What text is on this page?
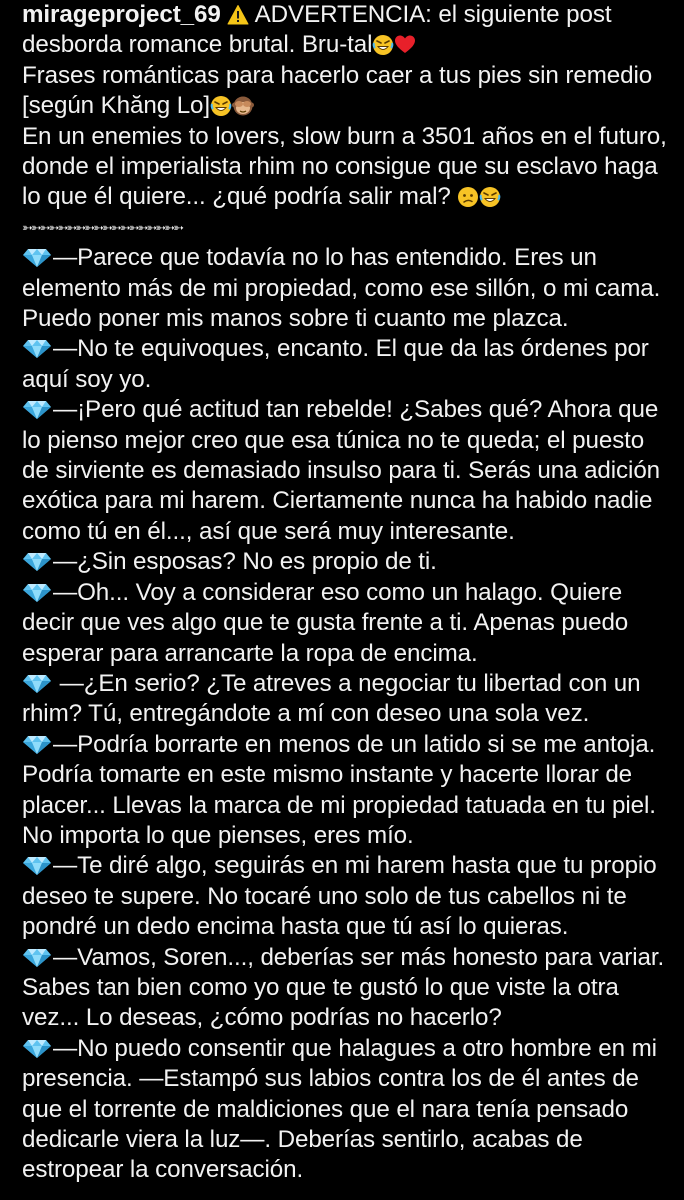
mirageproject_69 ADVERTENCIA: el siguiente post desborda romance brutal. Bru-tal

Frases románticas para hacerlo caer a tus pies sin remedio [según Khăng Lo]

En un enemies to lovers, slow burn a 3501 años en el futuro, donde el imperialista rhim no consigue que su esclavo haga lo que él quiere... ¿qué podría salir mal?

➳➳➳➳➳➳➳➳➳➳➳➳➳➳➳➳➳➳

—Parece que todavía no lo has entendido. Eres un elemento más de mi propiedad, como ese sillón, o mi cama. Puedo poner mis manos sobre ti cuanto me plazca.

—No te equivoques, encanto. El que da las órdenes por aquí soy yo.

—¡Pero qué actitud tan rebelde! ¿Sabes qué? Ahora que lo pienso mejor creo que esa túnica no te queda; el puesto de sirviente es demasiado insulso para ti. Serás una adición exótica para mi harem. Ciertamente nunca ha habido nadie como tú en él..., así que será muy interesante.

—¿Sin esposas? No es propio de ti.

—Oh... Voy a considerar eso como un halago. Quiere decir que ves algo que te gusta frente a ti. Apenas puedo esperar para arrancarte la ropa de encima.

—¿En serio? ¿Te atreves a negociar tu libertad con un rhim? Tú, entregándote a mí con deseo una sola vez.

—Podría borrarte en menos de un latido si se me antoja. Podría tomarte en este mismo instante y hacerte llorar de placer... Llevas la marca de mi propiedad tatuada en tu piel. No importa lo que pienses, eres mío.

—Te diré algo, seguirás en mi harem hasta que tu propio deseo te supere. No tocaré uno solo de tus cabellos ni te pondré un dedo encima hasta que tú así lo quieras.

—Vamos, Soren..., deberías ser más honesto para variar. Sabes tan bien como yo que te gustó lo que viste la otra vez... Lo deseas, ¿cómo podrías no hacerlo?

—No puedo consentir que halagues a otro hombre en mi presencia. —Estampó sus labios contra los de él antes de que el torrente de maldiciones que el nara tenía pensado dedicarle viera la luz—. Deberías sentirlo, acabas de estropear la conversación.
